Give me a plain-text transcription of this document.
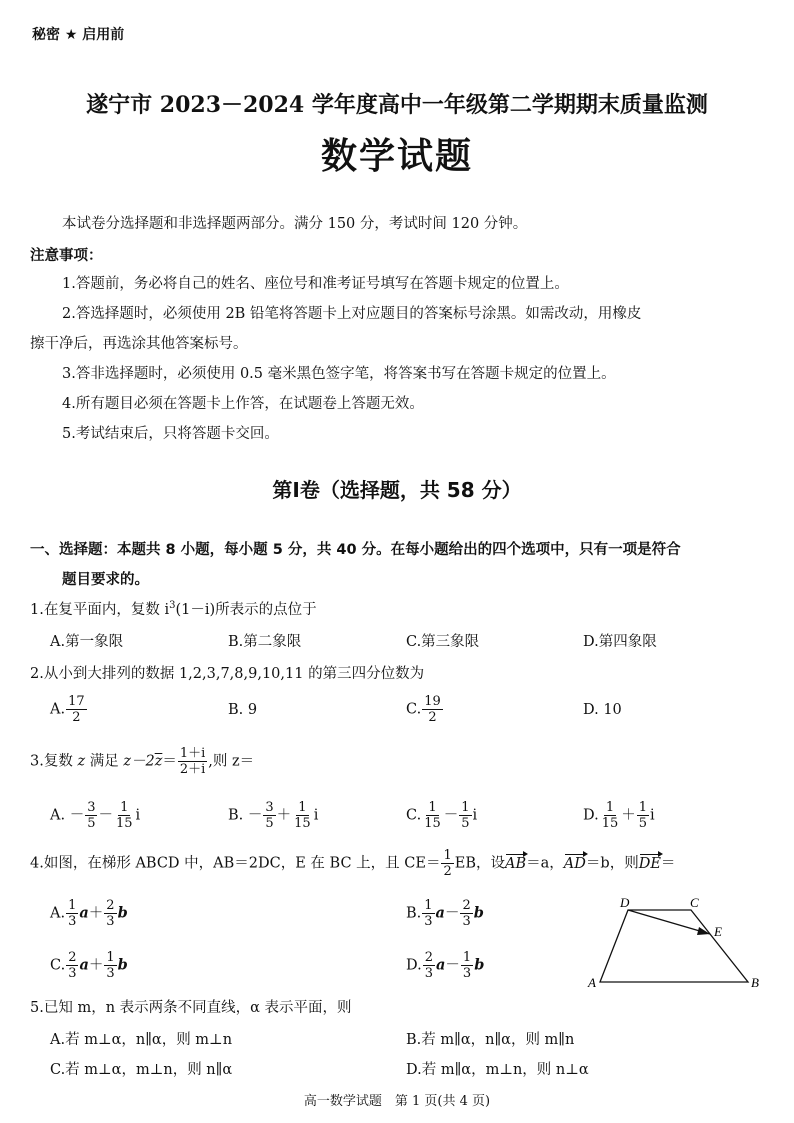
秘密 ★ 启用前
遂宁市 2023－2024 学年度高中一年级第二学期期末质量监测
数学试题
本试卷分选择题和非选择题两部分。满分 150 分，考试时间 120 分钟。
注意事项：
1.答题前，务必将自己的姓名、座位号和准考证号填写在答题卡规定的位置上。
2.答选择题时，必须使用 2B 铅笔将答题卡上对应题目的答案标号涂黑。如需改动，用橡皮
擦干净后，再选涂其他答案标号。
3.答非选择题时，必须使用 0.5 毫米黑色签字笔，将答案书写在答题卡规定的位置上。
4.所有题目必须在答题卡上作答，在试题卷上答题无效。
5.考试结束后，只将答题卡交回。
第Ⅰ卷（选择题，共 58 分）
一、选择题：本题共 8 小题，每小题 5 分，共 40 分。在每小题给出的四个选项中，只有一项是符合
题目要求的。
1.在复平面内，复数 $i^3(1-i)$所表示的点位于
A.第一象限	B.第二象限	C.第三象限	D.第四象限
2.从小到大排列的数据 1,2,3,7,8,9,10,11 的第三四分位数为
A. $\frac{17}{2}$	B. 9	C. $\frac{19}{2}$	D. 10
3.复数 z 满足 $z-2\overline{z}= \frac{1+i}{2+i}$ ,则 z＝
A. － $\frac{3}{5} - \frac{1}{15}$ i	B. － $\frac{3}{5} + \frac{1}{15}$ i	C. $\frac{1}{15} - \frac{1}{5}$ i	D. $\frac{1}{15} + \frac{1}{5}$ i
4.如图，在梯形 ABCD 中，AB＝2DC，E 在 BC 上，且 $CE= \frac{1}{2}$ EB，设AB＝a，AD＝b，则DE＝
A. $\frac{1}{3} a+ \frac{2}{3}$ b	B. $\frac{1}{3} a- \frac{2}{3}$ b
C. $\frac{2}{3} a+ \frac{1}{3}$ b	D. $\frac{2}{3} a- \frac{1}{3}$ b
A	B
C
D
E
5.已知 m，n 表示两条不同直线，α 表示平面，则
A.若 m⊥α，n∥α，则 m⊥n	B.若 m∥α，n∥α，则 m∥n
C.若 m⊥α，m⊥n，则 n∥α	D.若 m∥α，m⊥n，则 n⊥α
高一数学试题　第 1 页(共 4 页)
